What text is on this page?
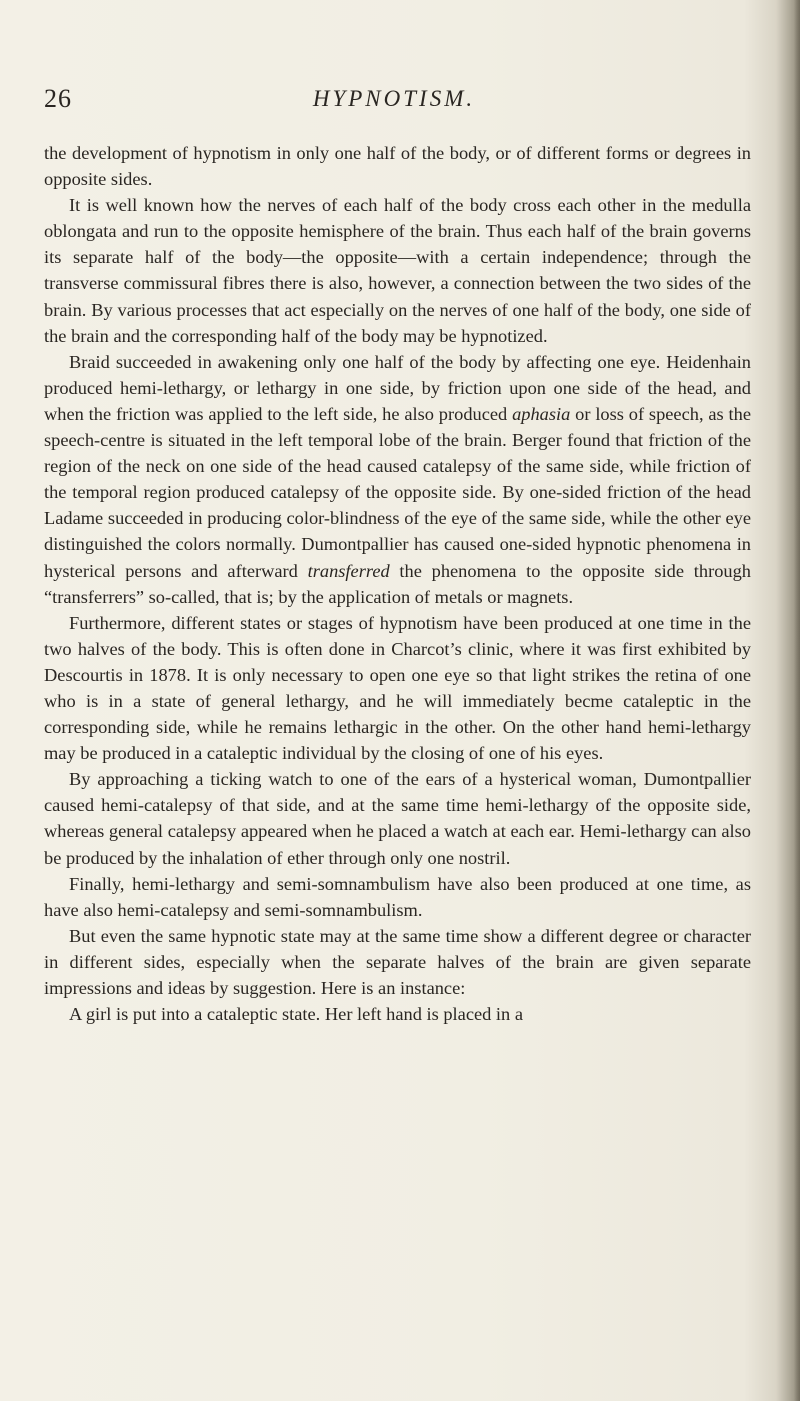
26	HYPNOTISM.

the development of hypnotism in only one half of the body, or of different forms or degrees in opposite sides.

It is well known how the nerves of each half of the body cross each other in the medulla oblongata and run to the opposite hemisphere of the brain. Thus each half of the brain governs its separate half of the body—the opposite—with a certain independence; through the transverse commissural fibres there is also, however, a connection between the two sides of the brain. By various processes that act especially on the nerves of one half of the body, one side of the brain and the corresponding half of the body may be hypnotized.

Braid succeeded in awakening only one half of the body by affecting one eye. Heidenhain produced hemi-lethargy, or lethargy in one side, by friction upon one side of the head, and when the friction was applied to the left side, he also produced aphasia or loss of speech, as the speech-centre is situated in the left temporal lobe of the brain. Berger found that friction of the region of the neck on one side of the head caused catalepsy of the same side, while friction of the temporal region produced catalepsy of the opposite side. By one-sided friction of the head Ladame succeeded in producing color-blindness of the eye of the same side, while the other eye distinguished the colors normally. Dumontpallier has caused one-sided hypnotic phenomena in hysterical persons and afterward transferred the phenomena to the opposite side through “transferrers” so-called, that is; by the application of metals or magnets.

Furthermore, different states or stages of hypnotism have been produced at one time in the two halves of the body. This is often done in Charcot’s clinic, where it was first exhibited by Descourtis in 1878. It is only necessary to open one eye so that light strikes the retina of one who is in a state of general lethargy, and he will immediately becme cataleptic in the corresponding side, while he remains lethargic in the other. On the other hand hemi-lethargy may be produced in a cataleptic individual by the closing of one of his eyes.

By approaching a ticking watch to one of the ears of a hysterical woman, Dumontpallier caused hemi-catalepsy of that side, and at the same time hemi-lethargy of the opposite side, whereas general catalepsy appeared when he placed a watch at each ear. Hemi-lethargy can also be produced by the inhalation of ether through only one nostril.

Finally, hemi-lethargy and semi-somnambulism have also been produced at one time, as have also hemi-catalepsy and semi-somnambulism.

But even the same hypnotic state may at the same time show a different degree or character in different sides, especially when the separate halves of the brain are given separate impressions and ideas by suggestion. Here is an instance:

A girl is put into a cataleptic state. Her left hand is placed in a
